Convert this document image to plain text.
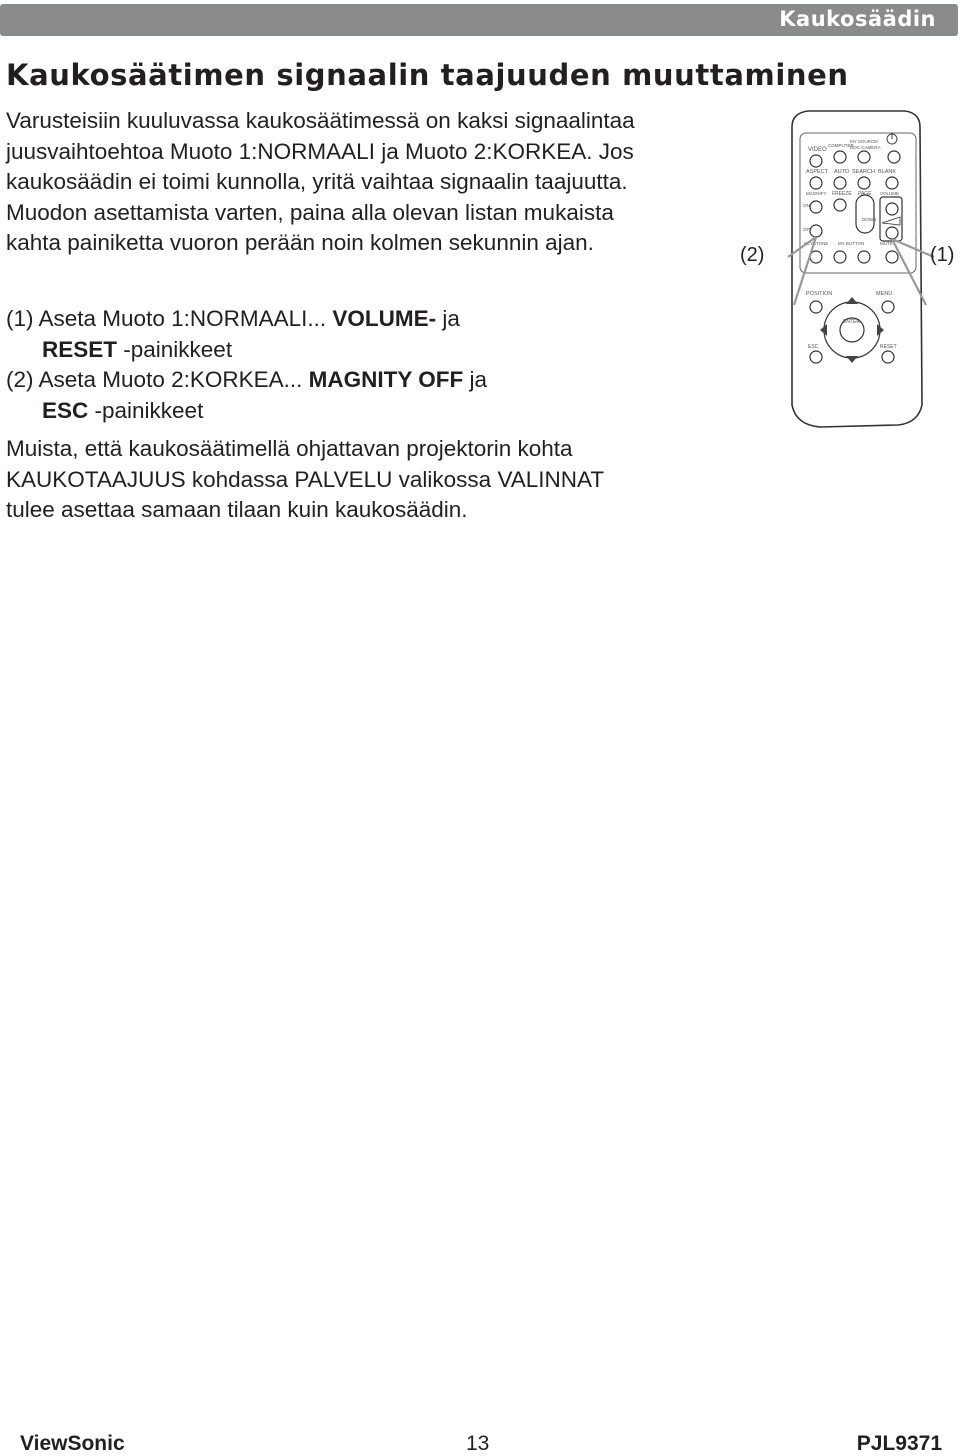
Kaukosäädin
Kaukosäätimen signaalin taajuuden muuttaminen
Varusteisiin kuuluvassa kaukosäätimessä on kaksi signaalintaa
juusvaihtoehtoa Muoto 1:NORMAALI ja Muoto 2:KORKEA. Jos
kaukosäädin ei toimi kunnolla, yritä vaihtaa signaalin taajuutta.
Muodon asettamista varten, paina alla olevan listan mukaista
kahta painiketta vuoron perään noin kolmen sekunnin ajan.
VIDEO
COMPUTER
MY SOURCE/
DOC.CAMERA
ASPECT AUTO SEARCH BLANK
MAGNIFY FREEZE PAGE VOLUME
ON
DOWN
OFF
KEYSTONE MY BUTTON	MUTE
(2)	(1)
POSITION	MENU
ENTER
ESC	RESET
(1) Aseta Muoto 1:NORMAALI... VOLUME- ja
RESET -painikkeet
(2) Aseta Muoto 2:KORKEA... MAGNITY OFF ja
ESC -painikkeet
Muista, että kaukosäätimellä ohjattavan projektorin kohta
KAUKOTAAJUUS kohdassa PALVELU valikossa VALINNAT
tulee asettaa samaan tilaan kuin kaukosäädin.
ViewSonic	13	PJL9371
